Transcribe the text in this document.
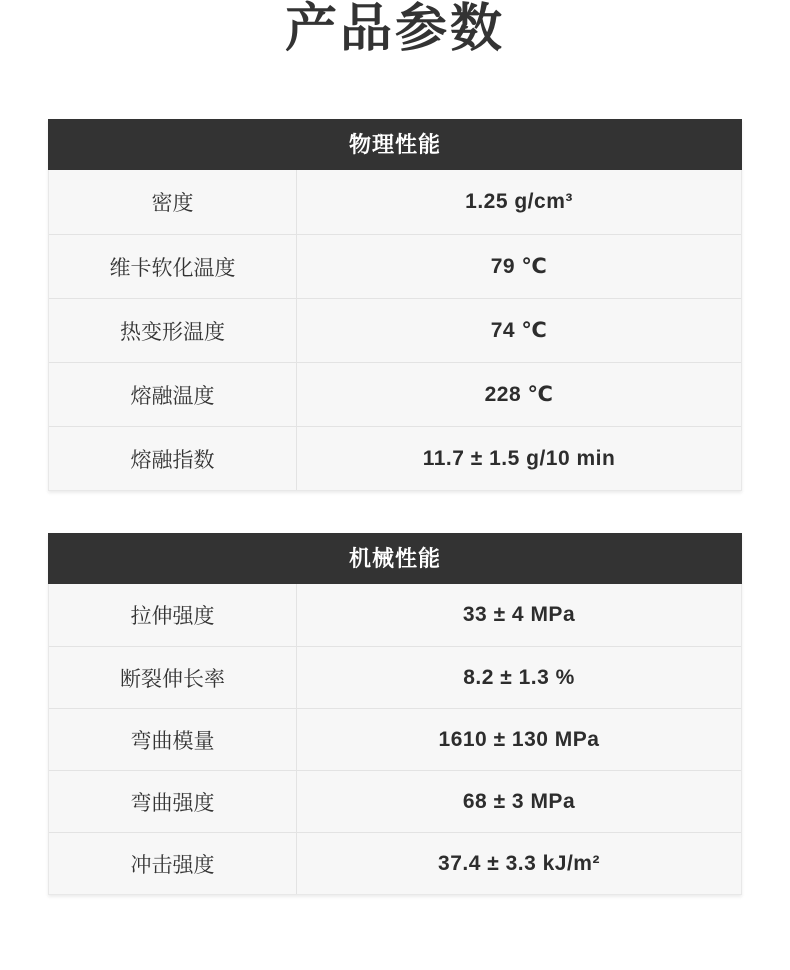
产品参数
物理性能
密度	1.25 g/cm³
维卡软化温度	79 ℃
热变形温度	74 ℃
熔融温度	228 ℃
熔融指数	11.7 ± 1.5 g/10 min
机械性能
拉伸强度	33 ± 4 MPa
断裂伸长率	8.2 ± 1.3 %
弯曲模量	1610 ± 130 MPa
弯曲强度	68 ± 3 MPa
冲击强度	37.4 ± 3.3 kJ/m²
